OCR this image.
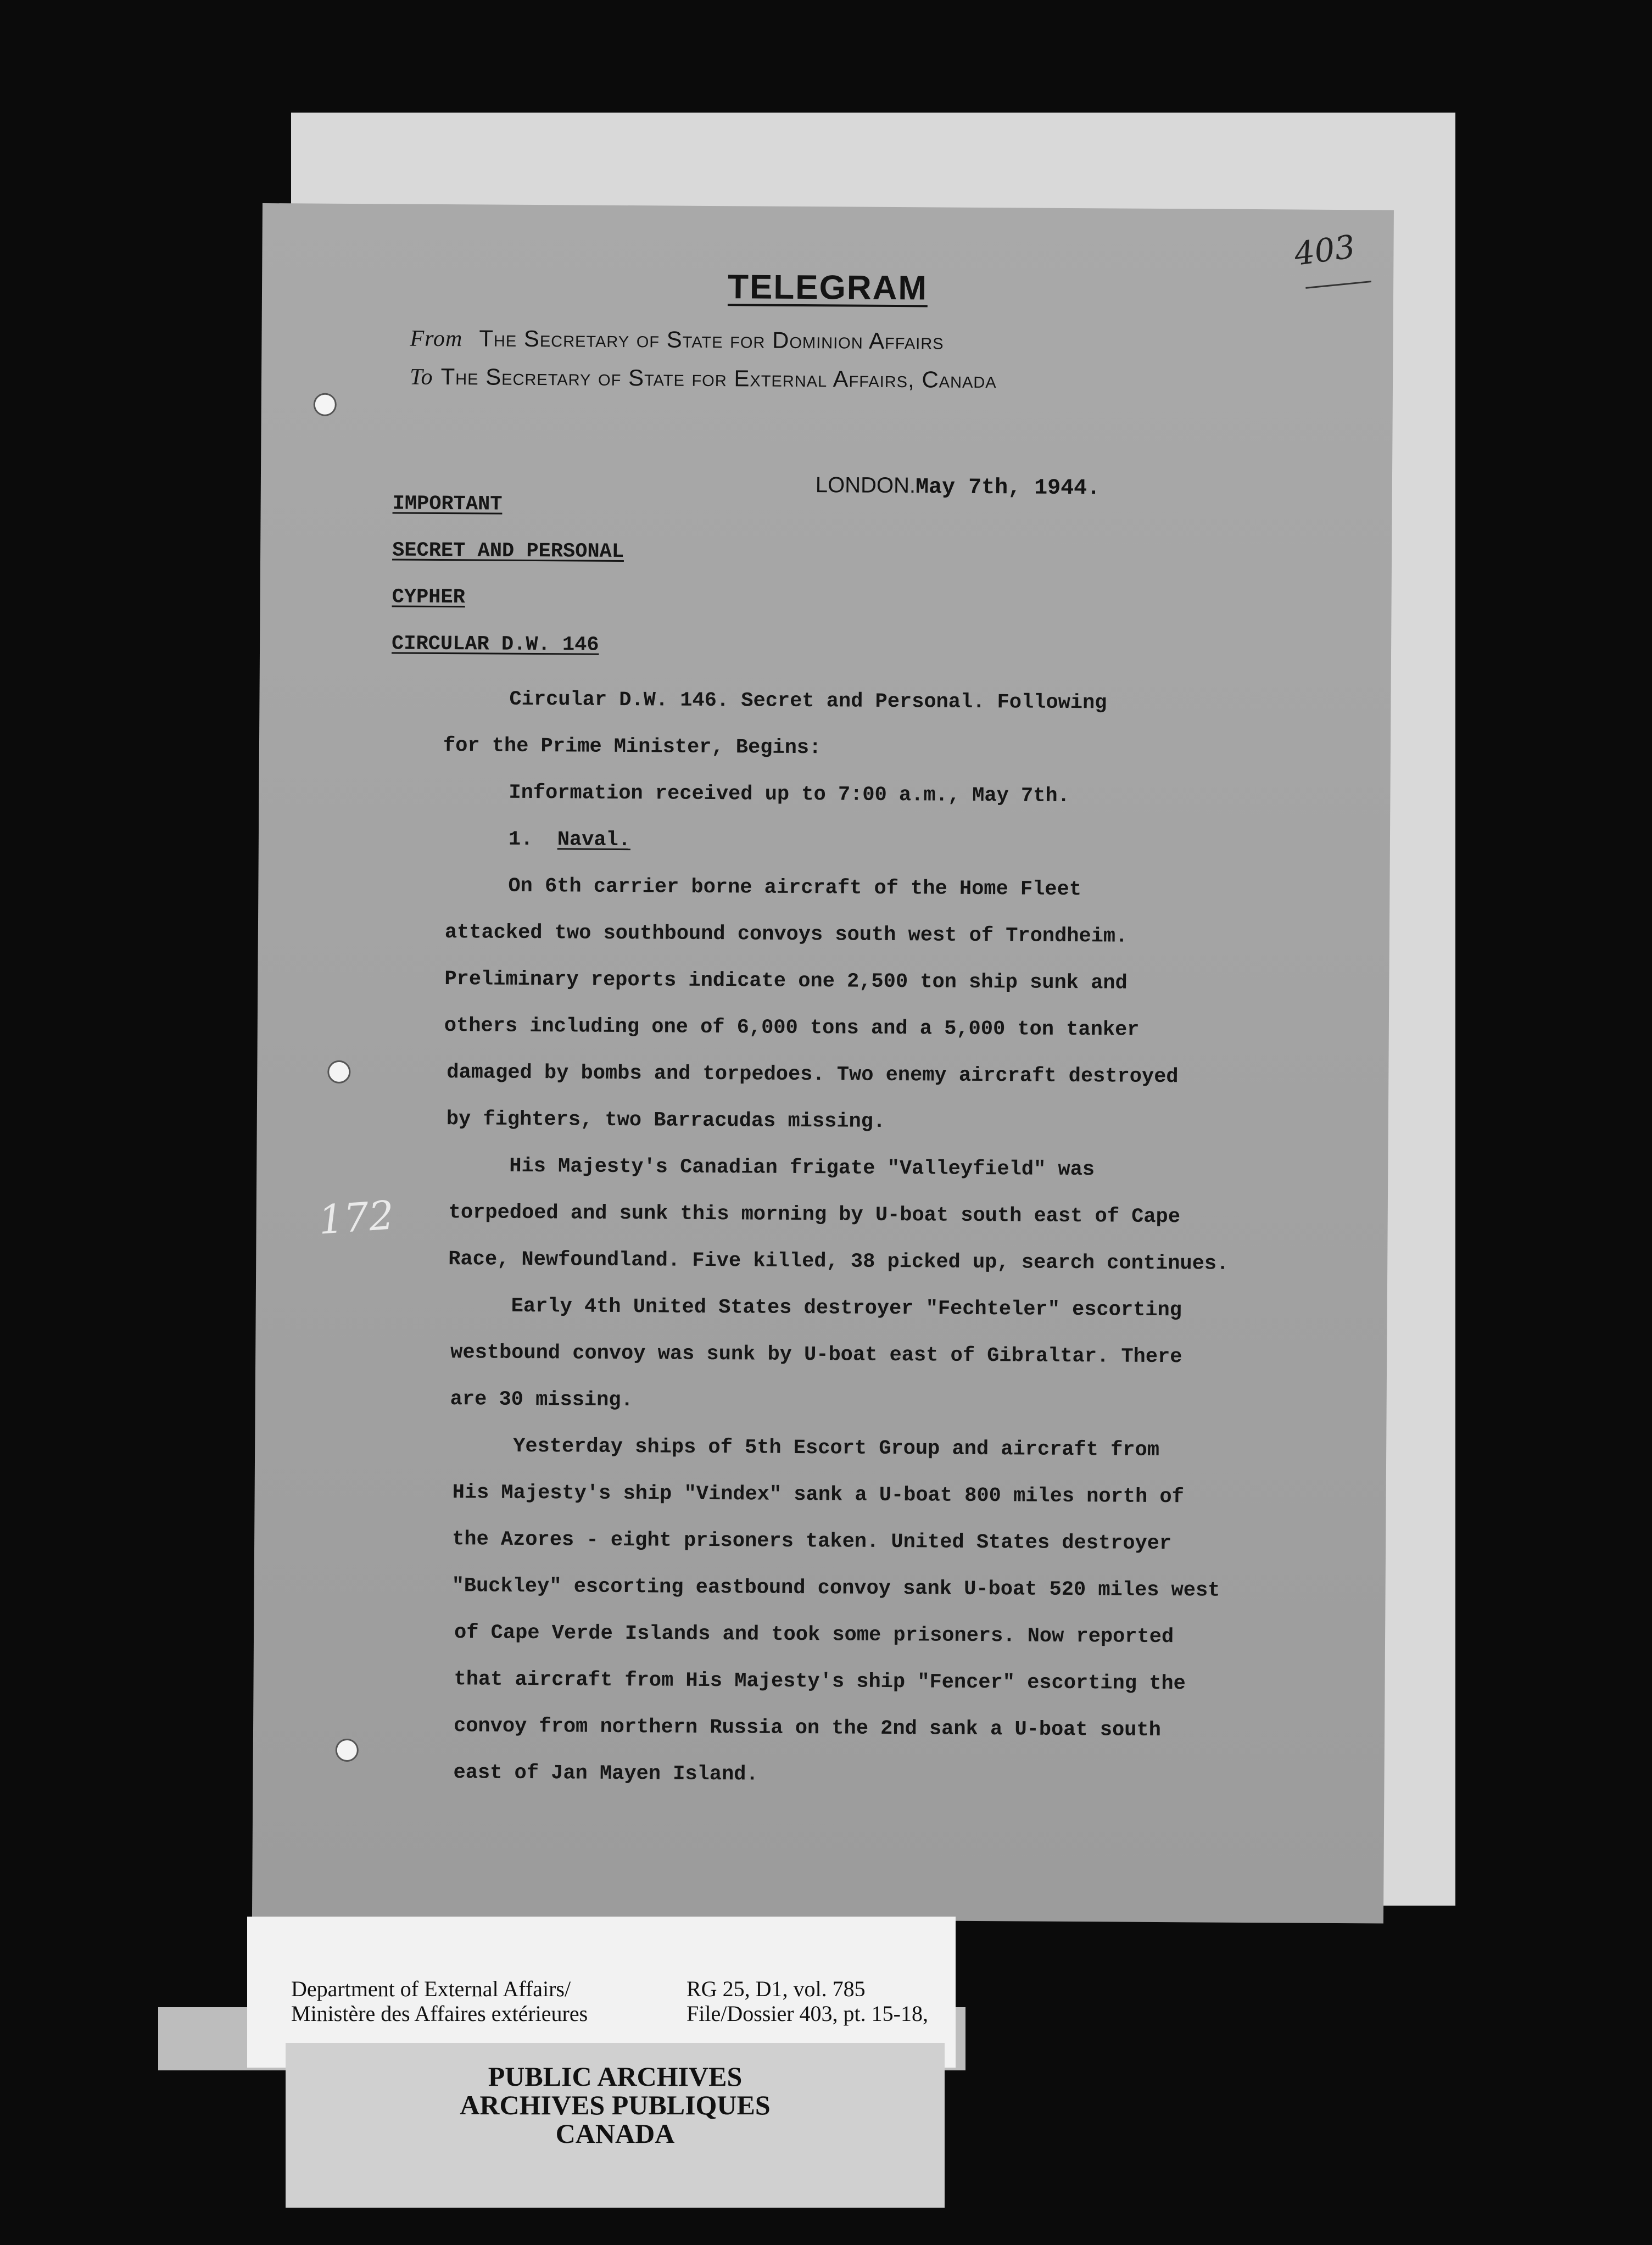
403
TELEGRAM
From The Secretary of State for Dominion Affairs
To The Secretary of State for External Affairs, Canada
LONDON.May 7th, 1944.
IMPORTANT
SECRET AND PERSONAL
CYPHER
CIRCULAR D.W. 146
Circular D.W. 146. Secret and Personal. Following
for the Prime Minister, Begins:
Information received up to 7:00 a.m., May 7th.
1. Naval.
On 6th carrier borne aircraft of the Home Fleet
attacked two southbound convoys south west of Trondheim.
Preliminary reports indicate one 2,500 ton ship sunk and
others including one of 6,000 tons and a 5,000 ton tanker
damaged by bombs and torpedoes. Two enemy aircraft destroyed
by fighters, two Barracudas missing.
His Majesty's Canadian frigate "Valleyfield" was
torpedoed and sunk this morning by U-boat south east of Cape
Race, Newfoundland. Five killed, 38 picked up, search continues.
Early 4th United States destroyer "Fechteler" escorting
westbound convoy was sunk by U-boat east of Gibraltar. There
are 30 missing.
Yesterday ships of 5th Escort Group and aircraft from
His Majesty's ship "Vindex" sank a U-boat 800 miles north of
the Azores - eight prisoners taken. United States destroyer
"Buckley" escorting eastbound convoy sank U-boat 520 miles west
of Cape Verde Islands and took some prisoners. Now reported
that aircraft from His Majesty's ship "Fencer" escorting the
convoy from northern Russia on the 2nd sank a U-boat south
east of Jan Mayen Island.
172
Department of External Affairs/
Ministère des Affaires extérieures
RG 25, D1, vol. 785
File/Dossier 403, pt. 15-18,
PUBLIC ARCHIVES
ARCHIVES PUBLIQUES
CANADA
